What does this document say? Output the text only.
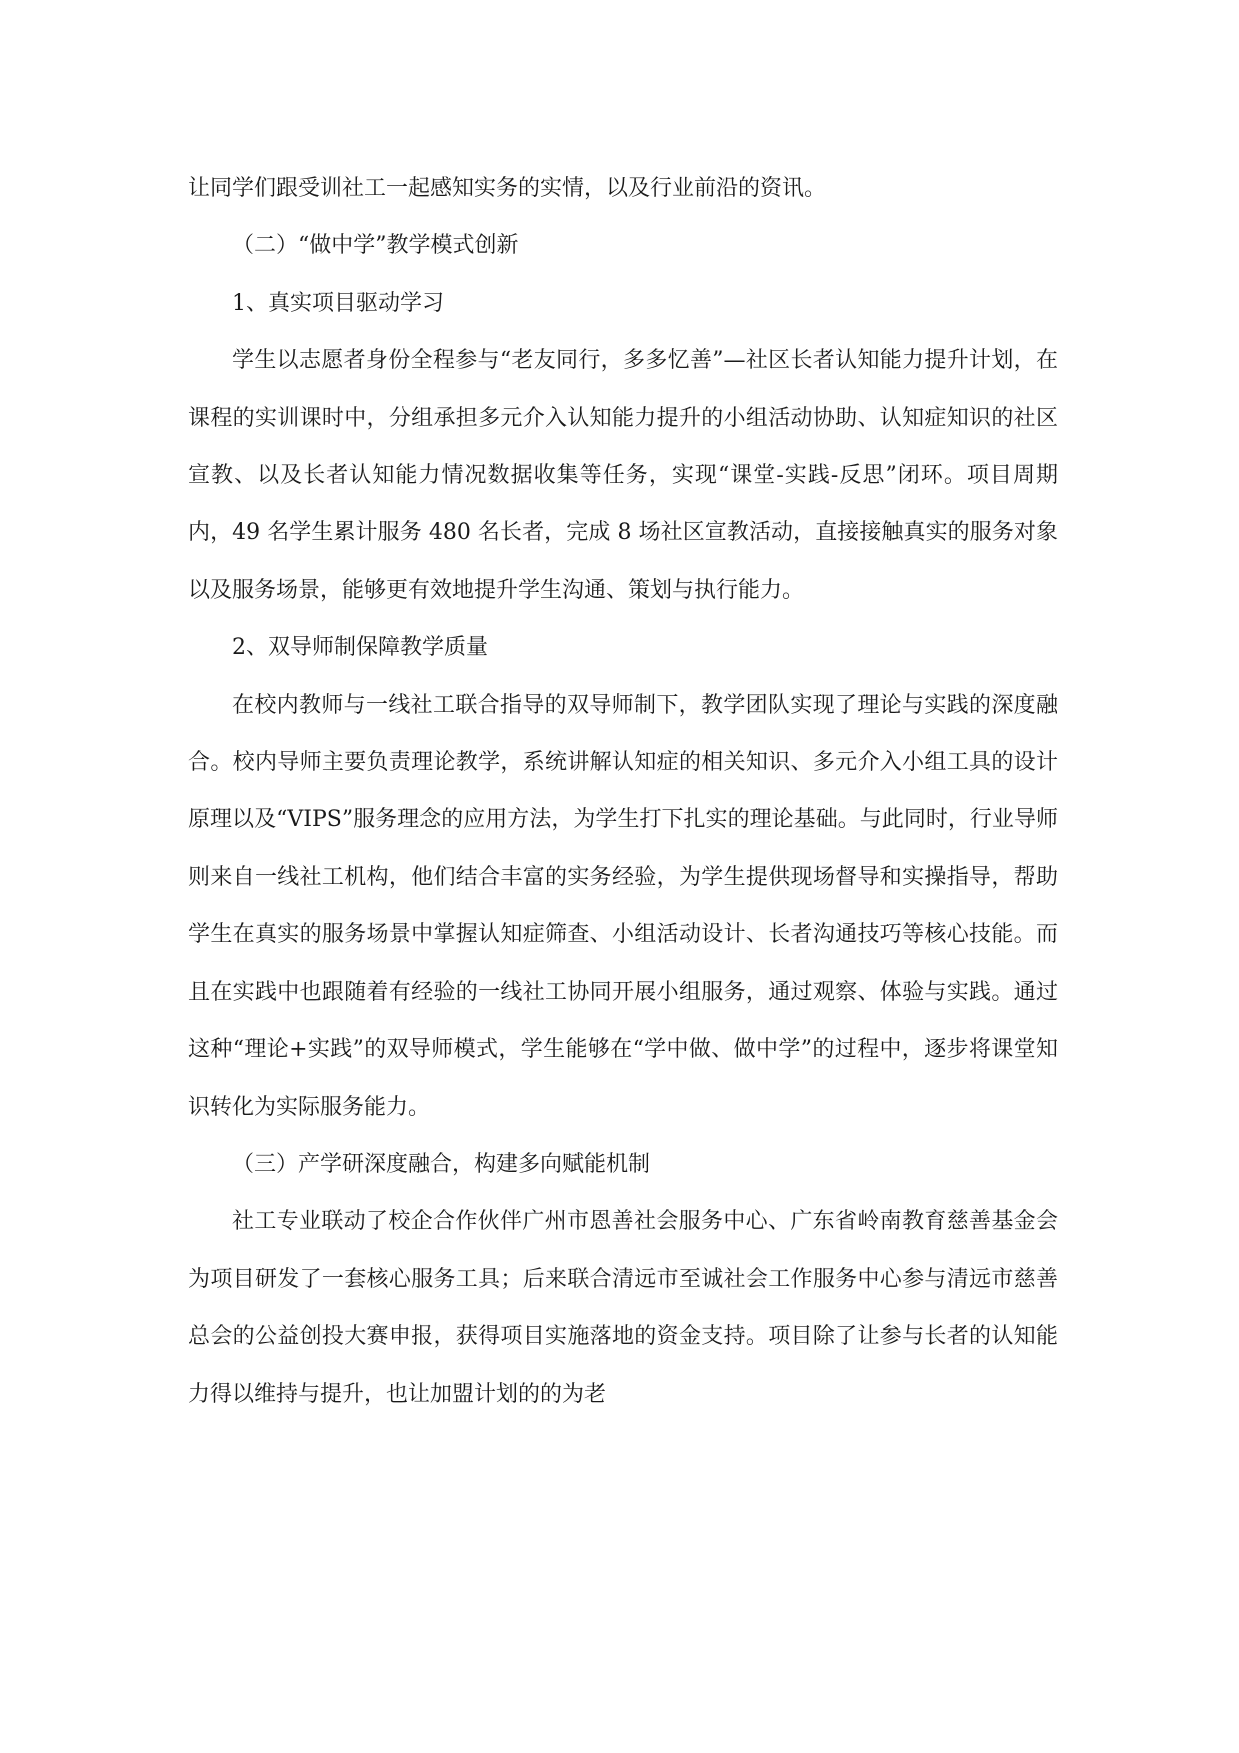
让同学们跟受训社工一起感知实务的实情，以及行业前沿的资讯。

（二）“做中学”教学模式创新

1、真实项目驱动学习

学生以志愿者身份全程参与“老友同行，多多忆善”—社区长者认知能力提升计划，在课程的实训课时中，分组承担多元介入认知能力提升的小组活动协助、认知症知识的社区宣教、以及长者认知能力情况数据收集等任务，实现“课堂-实践-反思”闭环。项目周期内，49 名学生累计服务 480 名长者，完成 8 场社区宣教活动，直接接触真实的服务对象以及服务场景，能够更有效地提升学生沟通、策划与执行能力。

2、双导师制保障教学质量

在校内教师与一线社工联合指导的双导师制下，教学团队实现了理论与实践的深度融合。校内导师主要负责理论教学，系统讲解认知症的相关知识、多元介入小组工具的设计原理以及“VIPS”服务理念的应用方法，为学生打下扎实的理论基础。与此同时，行业导师则来自一线社工机构，他们结合丰富的实务经验，为学生提供现场督导和实操指导，帮助学生在真实的服务场景中掌握认知症筛查、小组活动设计、长者沟通技巧等核心技能。而且在实践中也跟随着有经验的一线社工协同开展小组服务，通过观察、体验与实践。通过这种“理论+实践”的双导师模式，学生能够在“学中做、做中学”的过程中，逐步将课堂知识转化为实际服务能力。

（三）产学研深度融合，构建多向赋能机制

社工专业联动了校企合作伙伴广州市恩善社会服务中心、广东省岭南教育慈善基金会为项目研发了一套核心服务工具；后来联合清远市至诚社会工作服务中心参与清远市慈善总会的公益创投大赛申报，获得项目实施落地的资金支持。项目除了让参与长者的认知能力得以维持与提升，也让加盟计划的的为老
